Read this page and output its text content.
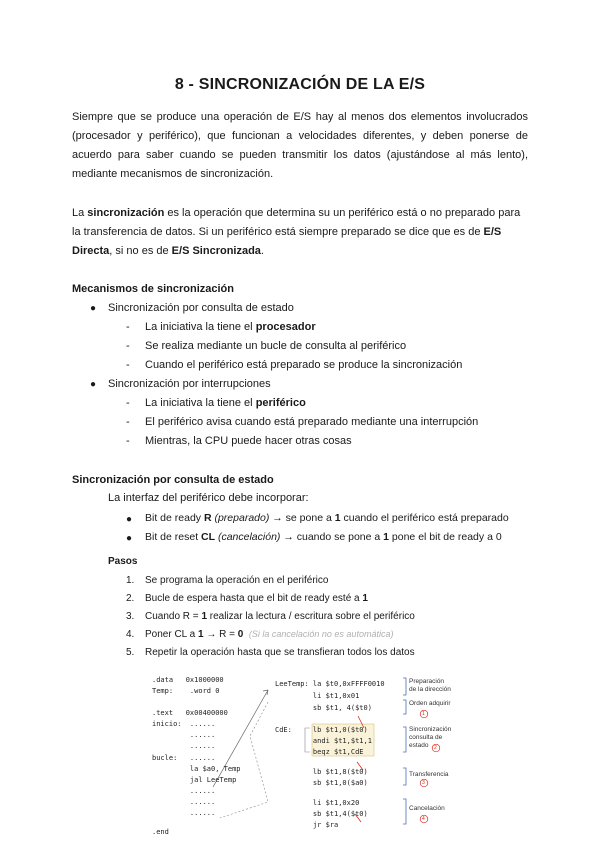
8 - SINCRONIZACIÓN DE LA E/S
Siempre que se produce una operación de E/S hay al menos dos elementos involucrados (procesador y periférico), que funcionan a velocidades diferentes, y deben ponerse de acuerdo para saber cuando se pueden transmitir los datos (ajustándose al más lento), mediante mecanismos de sincronización.
La sincronización es la operación que determina su un periférico está o no preparado para la transferencia de datos. Si un periférico está siempre preparado se dice que es de E/S Directa, si no es de E/S Sincronizada.
Mecanismos de sincronización
● Sincronización por consulta de estado
- La iniciativa la tiene el procesador
- Se realiza mediante un bucle de consulta al periférico
- Cuando el periférico está preparado se produce la sincronización
● Sincronización por interrupciones
- La iniciativa la tiene el periférico
- El periférico avisa cuando está preparado mediante una interrupción
- Mientras, la CPU puede hacer otras cosas
Sincronización por consulta de estado
La interfaz del periférico debe incorporar:
● Bit de ready R (preparado) → se pone a 1 cuando el periférico está preparado
● Bit de reset CL (cancelación) → cuando se pone a 1 pone el bit de ready a 0
Pasos
1.	Se programa la operación en el periférico
2.	Bucle de espera hasta que el bit de ready esté a 1
3.	Cuando R = 1 realizar la lectura / escritura sobre el periférico
4.	Poner CL a 1 → R = 0 (Si la cancelación no es automática)
5.	Repetir la operación hasta que se transfieran todos los datos
.data   0x1000000
Temp:    .word 0
.text   0x00400000
inicio:  ......
......
......
bucle:   ......
la $a0, Temp
jal LeeTemp
......
......
......
.end
LeeTemp: la $t0,0xFFFF0010
li $t1,0x01
sb $t1, 4($t0)
CdE:     lb $t1,0($t0)
andi $t1,$t1,1
beqz $t1,CdE
lb $t1,8($t0)
sb $t1,0($a0)
li $t1,0x20
sb $t1,4($t0)
jr $ra
Preparación de la dirección
Orden adquirir
1
Sincronización consulta de estado	2
Transferencia
3
Cancelación
4
